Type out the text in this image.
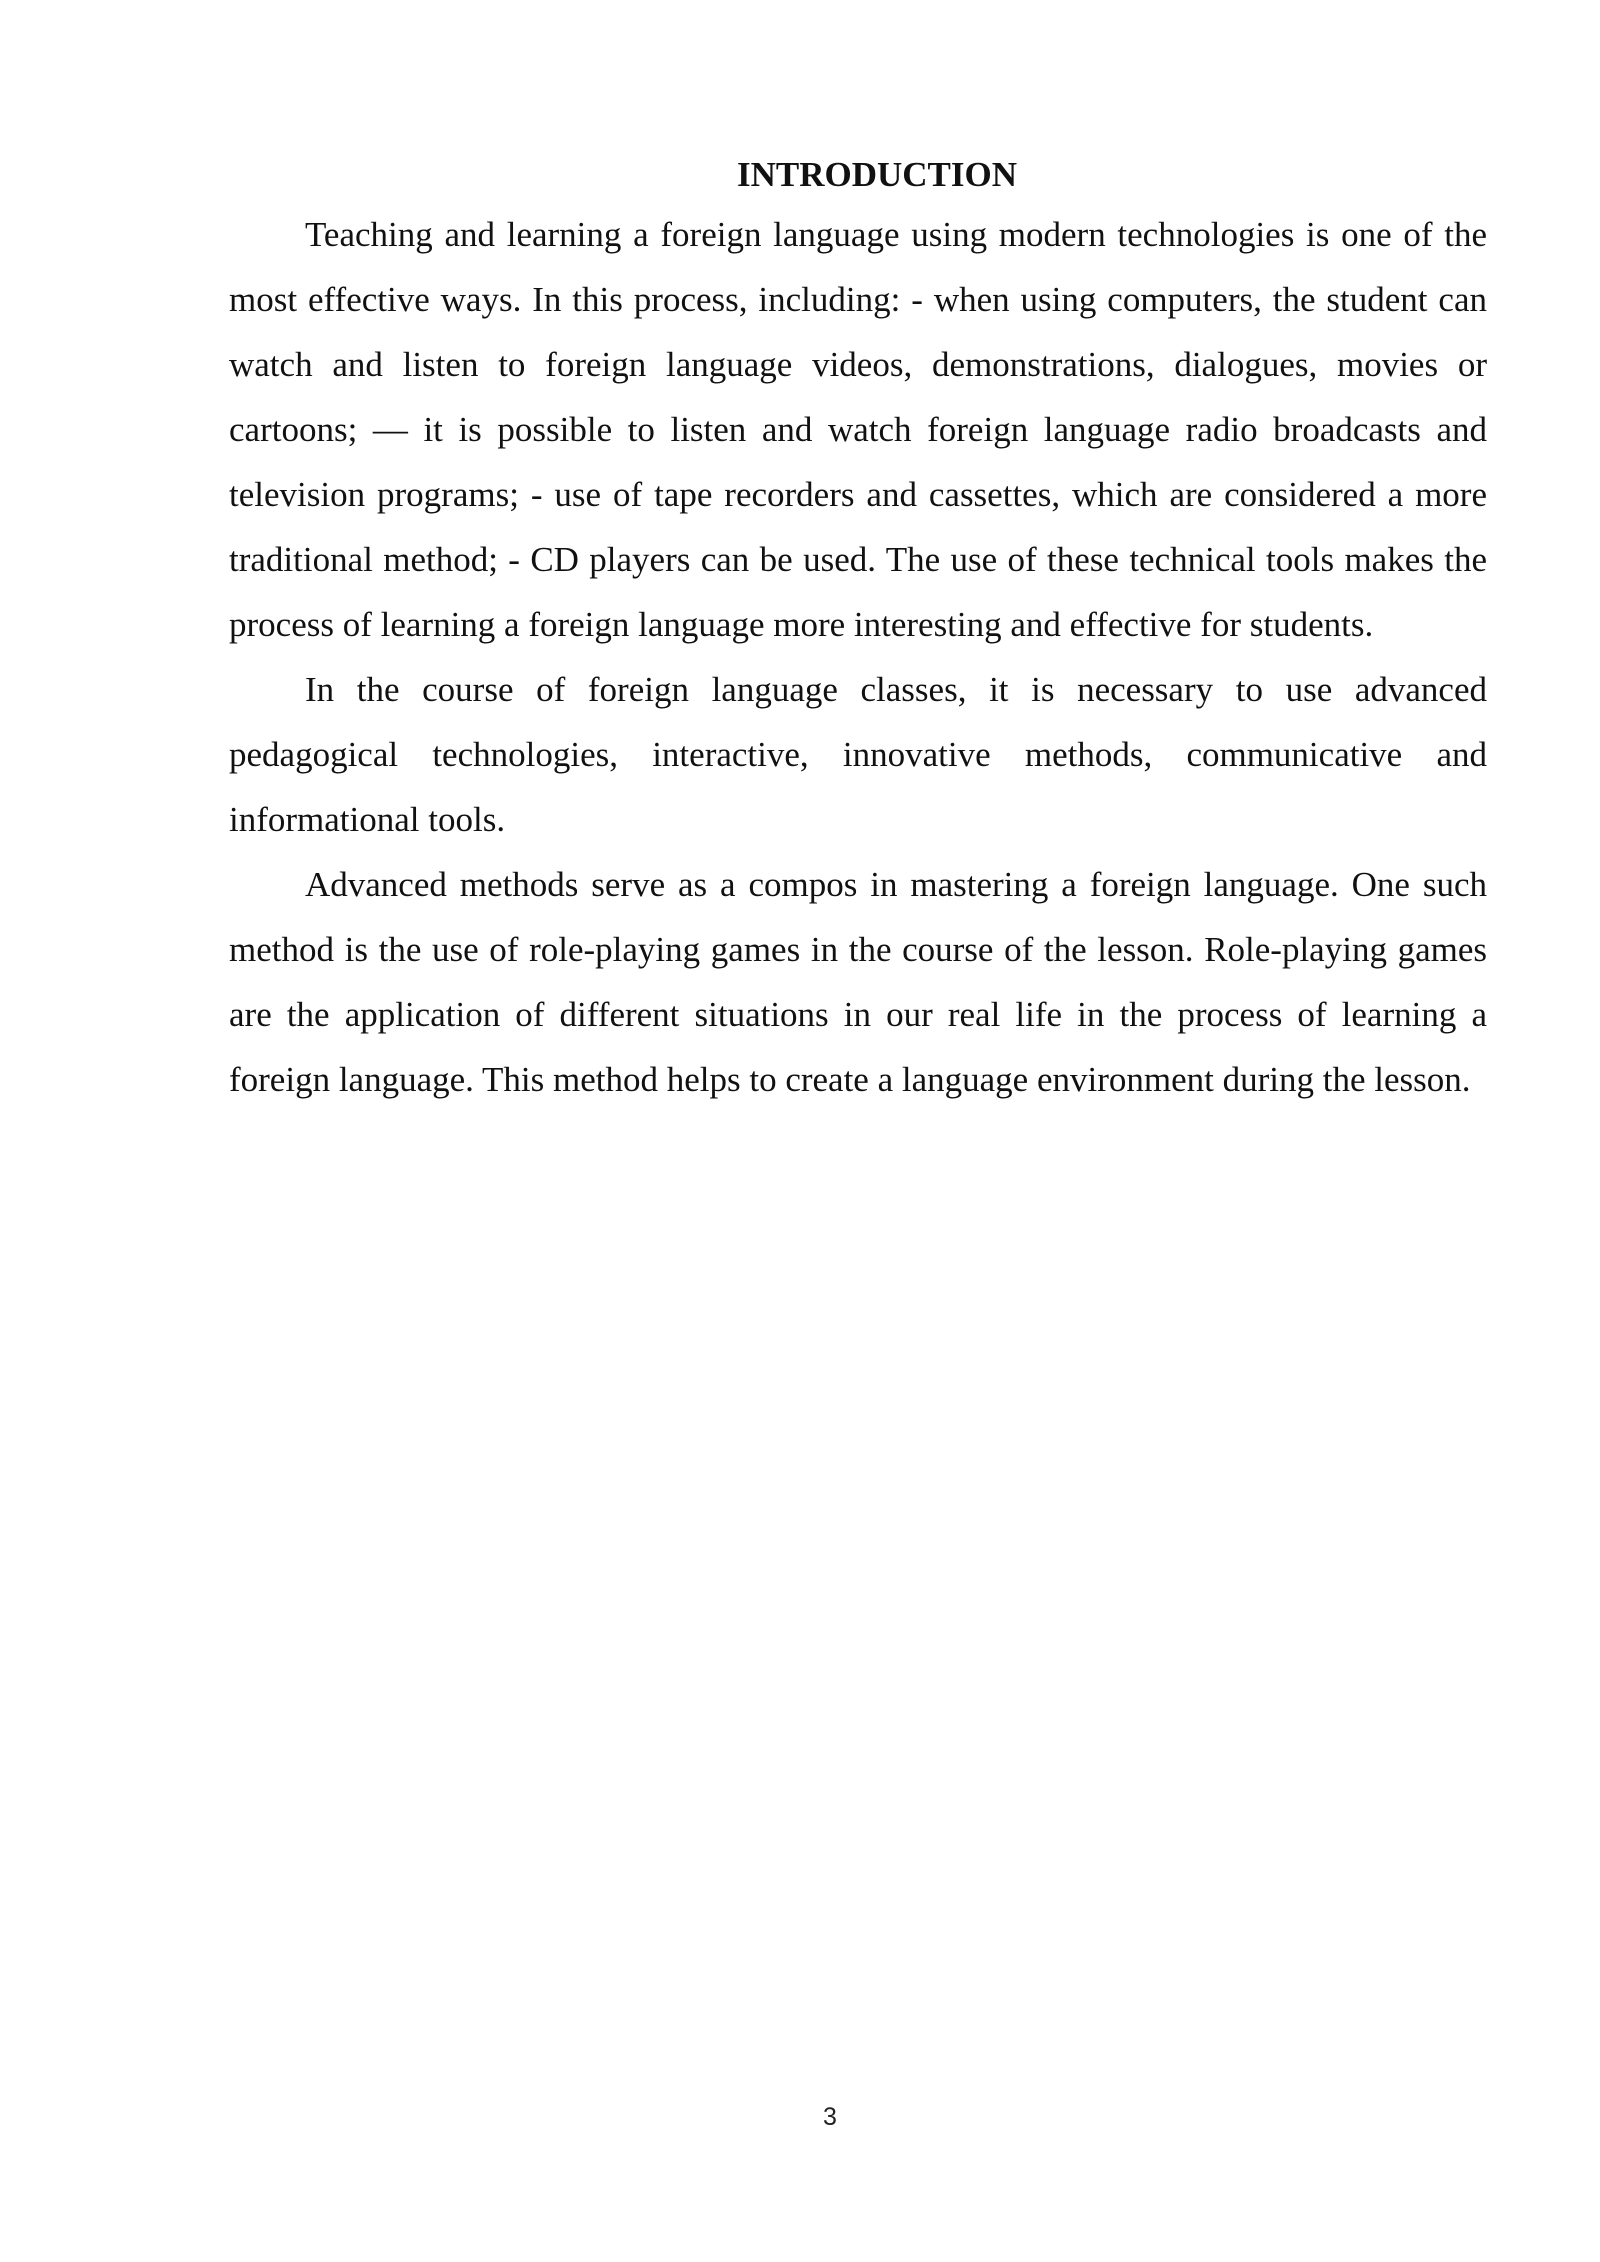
INTRODUCTION

Teaching and learning a foreign language using modern technologies is one of the most effective ways. In this process, including: - when using computers, the student can watch and listen to foreign language videos, demonstrations, dialogues, movies or cartoons; — it is possible to listen and watch foreign language radio broadcasts and television programs; - use of tape recorders and cassettes, which are considered a more traditional method; - CD players can be used. The use of these technical tools makes the process of learning a foreign language more interesting and effective for students.

In the course of foreign language classes, it is necessary to use advanced pedagogical technologies, interactive, innovative methods, communicative and informational tools.

Advanced methods serve as a compos in mastering a foreign language. One such method is the use of role-playing games in the course of the lesson. Role-playing games are the application of different situations in our real life in the process of learning a foreign language. This method helps to create a language environment during the lesson.

3
